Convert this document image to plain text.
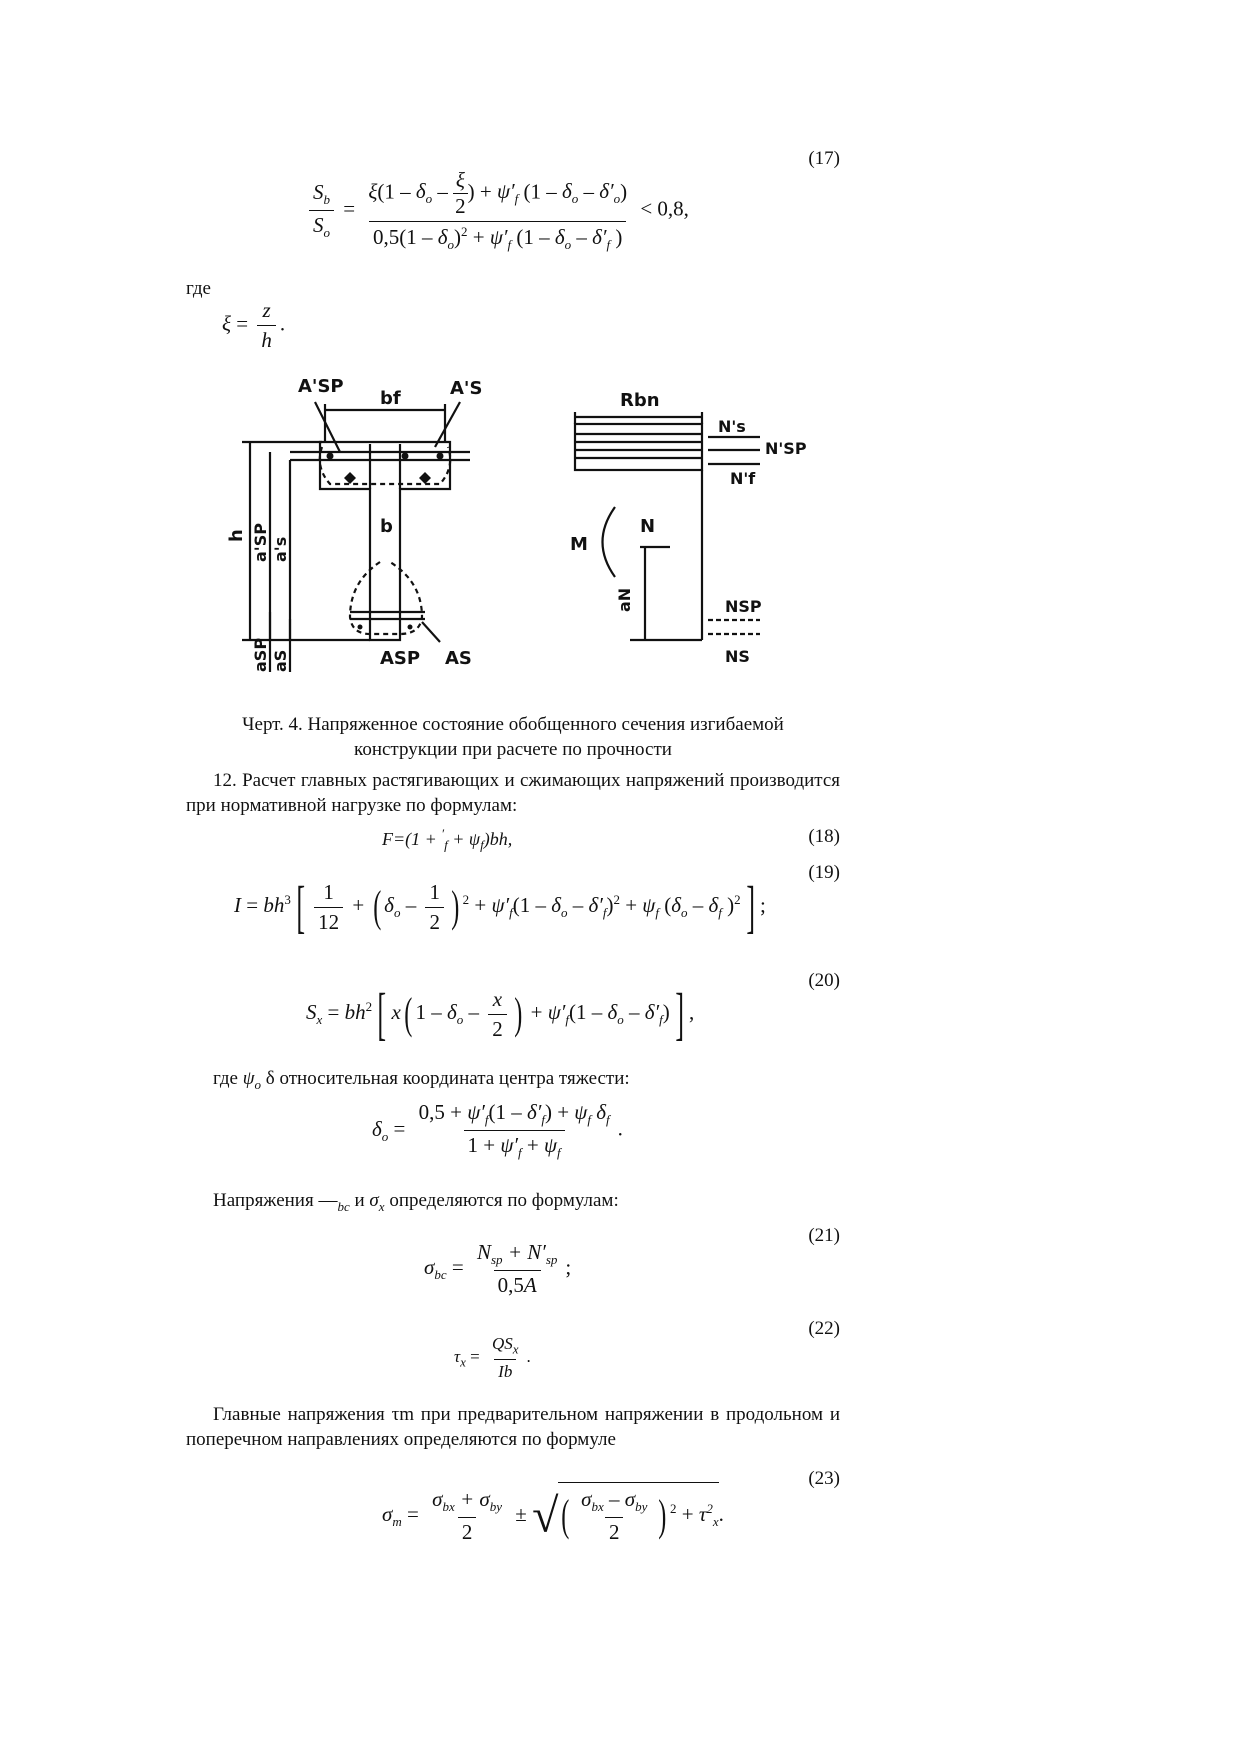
(17)
(18)
(19)
(20)
(21)
(22)
(23)
$\frac{S_b}{S_o} = \frac{\xi(1 - \delta_o - \frac{\xi}{2} ) + \psi'_f (1 - \delta_o - \delta'_o)}{0,5(1 - \delta_o)^2 + \psi'_f (1 - \delta_o - \delta'_f )} < 0,8$,
где
$\xi = \frac{z}{h}$ .
A'SP	A'S
bf
h a'SP a's
b
aSP aS	ASP AS
Rbn
N's
N'SP
N'f
M
N
aN	NSP
NS
Черт. 4. Напряженное состояние обобщенного сечения изгибаемой
конструкции при расчете по прочности
12. Расчет главных растягивающих и сжимающих напряжений производится при нормативной нагрузке по формулам:
$F=(1 + '_f + \psi_f)bh$,
$I = bh^3[ \frac{1}{12}$ + ( $\delta_o - \frac{1}{2}$ ) $^2 + \psi'_f(1 - \delta_o - \delta'_f)^2 + \psi_f$ ($\delta_o - \delta_f$ )$^2$] ;
$S_x = bh^2$[ x( $1 - \delta_o - \frac{x}{2}$ ) + $\psi'_f(1 - \delta_o - \delta'_f)$] ,
где $\psi_o$ δ относительная координата центра тяжести:
$\delta_o = \frac{0,5 + \psi'_f(1 - \delta'_f) + \psi_f \delta_f}{1 + \psi'_f + \psi_f}$ .
Напряжения $—_{bc}$ и $\sigma_x$ определяются по формулам:
$\sigma_{bc} = \frac{N_{sp} + N'_{sp}}{0,5A}$ ;
$\tau_x = \frac{QS_x}{Ib}$ .
Главные напряжения τm при предварительном напряжении в продольном и поперечном направлениях определяются по формуле
$\sigma_m = \frac{\sigma_{bx} + \sigma_{by}}{2}$ ± √( $\frac{\sigma_{bx} - \sigma_{by}}{2}$ ) $^2 + \tau^2_x$.
